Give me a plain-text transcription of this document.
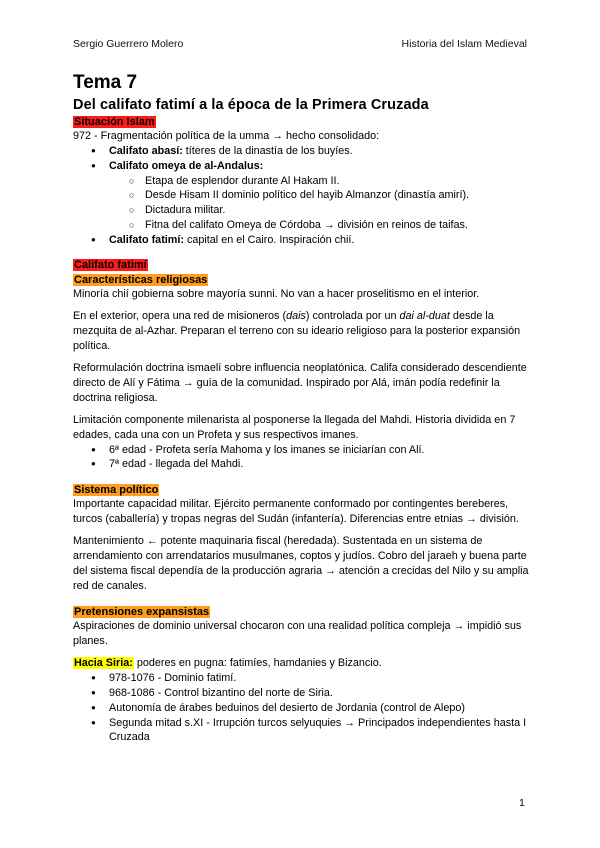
Sergio Guerrero Molero	Historia del Islam Medieval
Tema 7
Del califato fatimí a la época de la Primera Cruzada

Situación Islam

972 - Fragmentación política de la umma → hecho consolidado:

● Califato abasí: títeres de la dinastía de los buyíes.
● Califato omeya de al-Andalus:
○ Etapa de esplendor durante Al Hakam II.
○ Desde Hisam II dominio político del hayib Almanzor (dinastía amirí).
○ Dictadura militar.
○ Fitna del califato Omeya de Córdoba → división en reinos de taifas.
● Califato fatimí: capital en el Cairo. Inspiración chií.

Califato fatimí

Características religiosas

Minoría chií gobierna sobre mayoría sunni. No van a hacer proselitismo en el interior.

En el exterior, opera una red de misioneros (dais) controlada por un dai al-duat desde la mezquita de al-Azhar. Preparan el terreno con su ideario religioso para la posterior expansión política.

Reformulación doctrina ismaelí sobre influencia neoplatónica. Califa considerado descendiente directo de Alí y Fátima → guía de la comunidad. Inspirado por Alá, imán podía redefinir la doctrina religiosa.

Limitación componente milenarista al posponerse la llegada del Mahdi. Historia dividida en 7 edades, cada una con un Profeta y sus respectivos imanes.

● 6ª edad - Profeta sería Mahoma y los imanes se iniciarían con Alí.
● 7ª edad - llegada del Mahdi.

Sistema político

Importante capacidad militar. Ejército permanente conformado por contingentes bereberes, turcos (caballería) y tropas negras del Sudán (infantería). Diferencias entre etnias → división.

Mantenimiento ← potente maquinaria fiscal (heredada). Sustentada en un sistema de arrendamiento con arrendatarios musulmanes, coptos y judíos. Cobro del jaraeh y buena parte del sistema fiscal dependía de la producción agraria → atención a crecidas del Nilo y su amplia red de canales.

Pretensiones expansistas

Aspiraciones de dominio universal chocaron con una realidad política compleja → impidió sus planes.

Hacia Siria: poderes en pugna: fatimíes, hamdanies y Bizancio.

● 978-1076 - Dominio fatimí.
● 968-1086 - Control bizantino del norte de Siria.
● Autonomía de árabes beduinos del desierto de Jordania (control de Alepo)
● Segunda mitad s.XI - Irrupción turcos selyuquies → Principados independientes hasta I Cruzada
1
